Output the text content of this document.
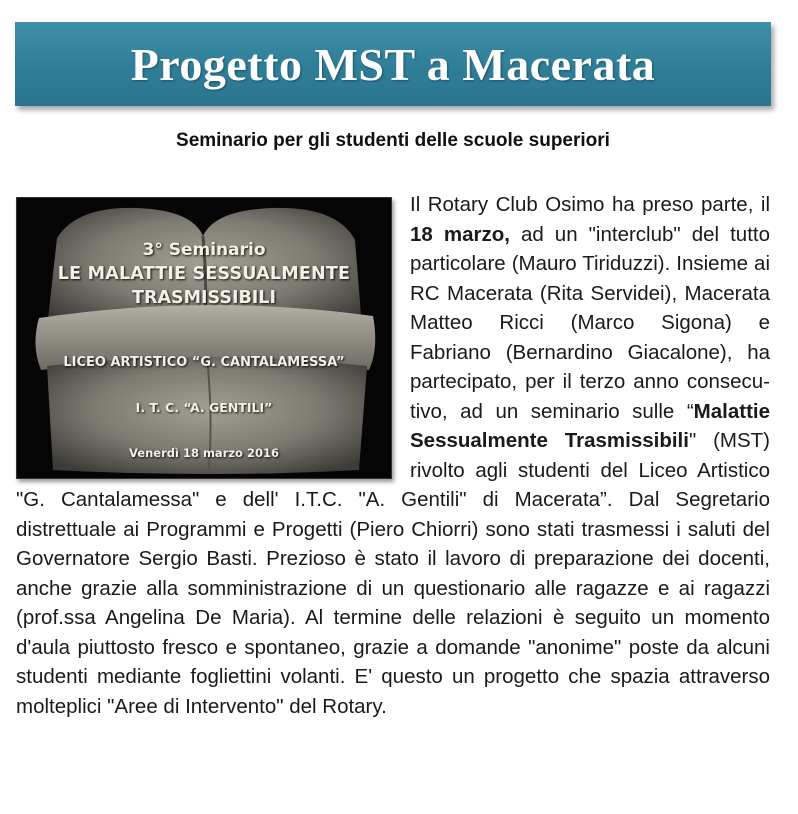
Progetto MST a Macerata
Seminario per gli studenti delle scuole superiori
3° Seminario
LE MALATTIE SESSUALMENTE
TRASMISSIBILI
LICEO ARTISTICO “G. CANTALAMESSA”
I. T. C. “A. GENTILI”
Venerdì 18 marzo 2016
Il Rotary Club Osimo ha preso parte, il 18 marzo, ad un "interclub" del tutto particolare (Mauro Tiriduzzi). Insieme ai RC Macerata (Rita Servidei), Macerata Matteo Ricci (Marco Sigona) e Fabriano (Bernardino Giacalone), ha partecipato, per il terzo anno consecutivo, ad un seminario sulle “Malattie Sessualmente Trasmissibili" (MST) rivolto agli studenti del Liceo Artistico "G. Cantalamessa" e dell' I.T.C. "A. Gentili" di Macerata”. Dal Segretario distrettuale ai Programmi e Progetti (Piero Chiorri) sono stati trasmessi i saluti del Governatore Sergio Basti. Prezioso è stato il lavoro di preparazione dei docenti, anche grazie alla somministrazione di un questionario alle ragazze e ai ragazzi (prof.ssa Angelina De Maria). Al termine delle relazioni è seguito un momento d'aula piuttosto fresco e spontaneo, grazie a domande "anonime" poste da alcuni studenti mediante fogliettini volanti. E' questo un progetto che spazia attraverso molteplici "Aree di Intervento" del Rotary.
